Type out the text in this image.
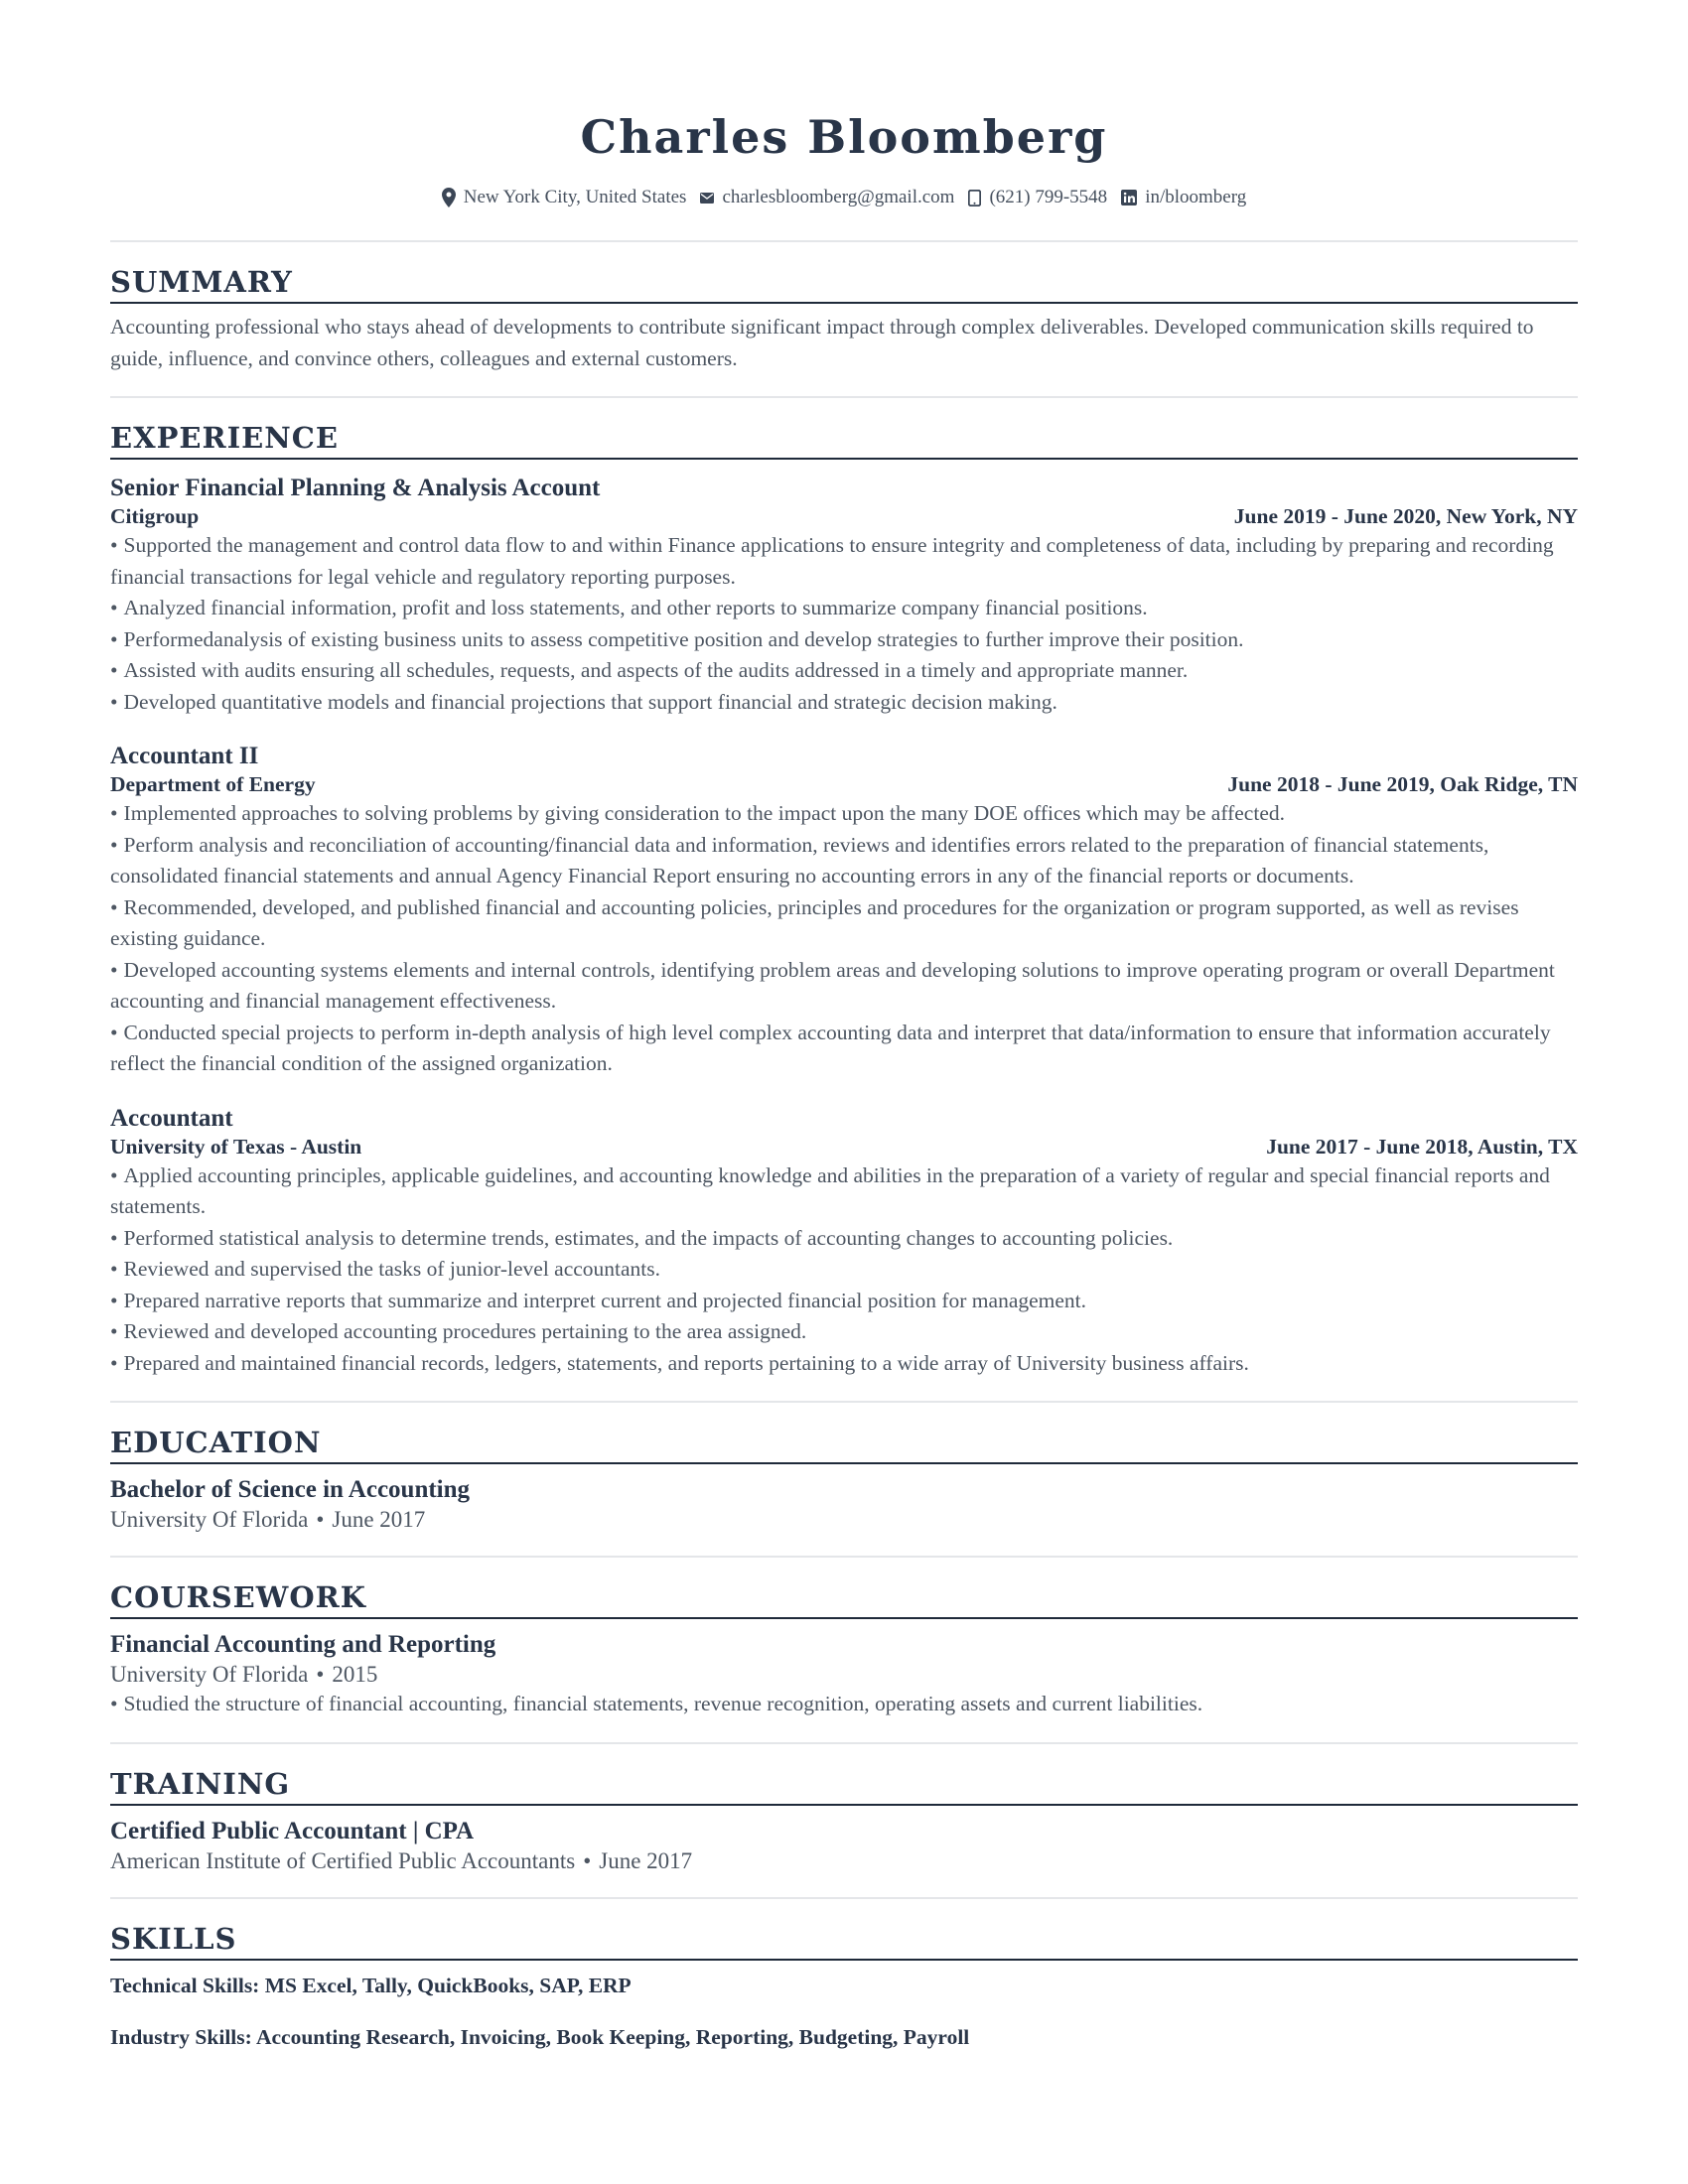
Charles Bloomberg
New York City, United States charlesbloomberg@gmail.com (621) 799-5548 in/bloomberg
SUMMARY
Accounting professional who stays ahead of developments to contribute significant impact through complex deliverables. Developed communication skills required to guide, influence, and convince others, colleagues and external customers.
EXPERIENCE
Senior Financial Planning & Analysis Account
Citigroup	June 2019 - June 2020, New York, NY
• Supported the management and control data flow to and within Finance applications to ensure integrity and completeness of data, including by preparing and recording financial transactions for legal vehicle and regulatory reporting purposes.
• Analyzed financial information, profit and loss statements, and other reports to summarize company financial positions.
• Performedanalysis of existing business units to assess competitive position and develop strategies to further improve their position.
• Assisted with audits ensuring all schedules, requests, and aspects of the audits addressed in a timely and appropriate manner.
• Developed quantitative models and financial projections that support financial and strategic decision making.
Accountant II
Department of Energy	June 2018 - June 2019, Oak Ridge, TN
• Implemented approaches to solving problems by giving consideration to the impact upon the many DOE offices which may be affected.
• Perform analysis and reconciliation of accounting/financial data and information, reviews and identifies errors related to the preparation of financial statements, consolidated financial statements and annual Agency Financial Report ensuring no accounting errors in any of the financial reports or documents.
• Recommended, developed, and published financial and accounting policies, principles and procedures for the organization or program supported, as well as revises existing guidance.
• Developed accounting systems elements and internal controls, identifying problem areas and developing solutions to improve operating program or overall Department accounting and financial management effectiveness.
• Conducted special projects to perform in-depth analysis of high level complex accounting data and interpret that data/information to ensure that information accurately reflect the financial condition of the assigned organization.
Accountant
University of Texas - Austin	June 2017 - June 2018, Austin, TX
• Applied accounting principles, applicable guidelines, and accounting knowledge and abilities in the preparation of a variety of regular and special financial reports and statements.
• Performed statistical analysis to determine trends, estimates, and the impacts of accounting changes to accounting policies.
• Reviewed and supervised the tasks of junior-level accountants.
• Prepared narrative reports that summarize and interpret current and projected financial position for management.
• Reviewed and developed accounting procedures pertaining to the area assigned.
• Prepared and maintained financial records, ledgers, statements, and reports pertaining to a wide array of University business affairs.
EDUCATION
Bachelor of Science in Accounting
University Of Florida • June 2017
COURSEWORK
Financial Accounting and Reporting
University Of Florida • 2015
• Studied the structure of financial accounting, financial statements, revenue recognition, operating assets and current liabilities.
TRAINING
Certified Public Accountant | CPA
American Institute of Certified Public Accountants • June 2017
SKILLS
Technical Skills: MS Excel, Tally, QuickBooks, SAP, ERP
Industry Skills: Accounting Research, Invoicing, Book Keeping, Reporting, Budgeting, Payroll
